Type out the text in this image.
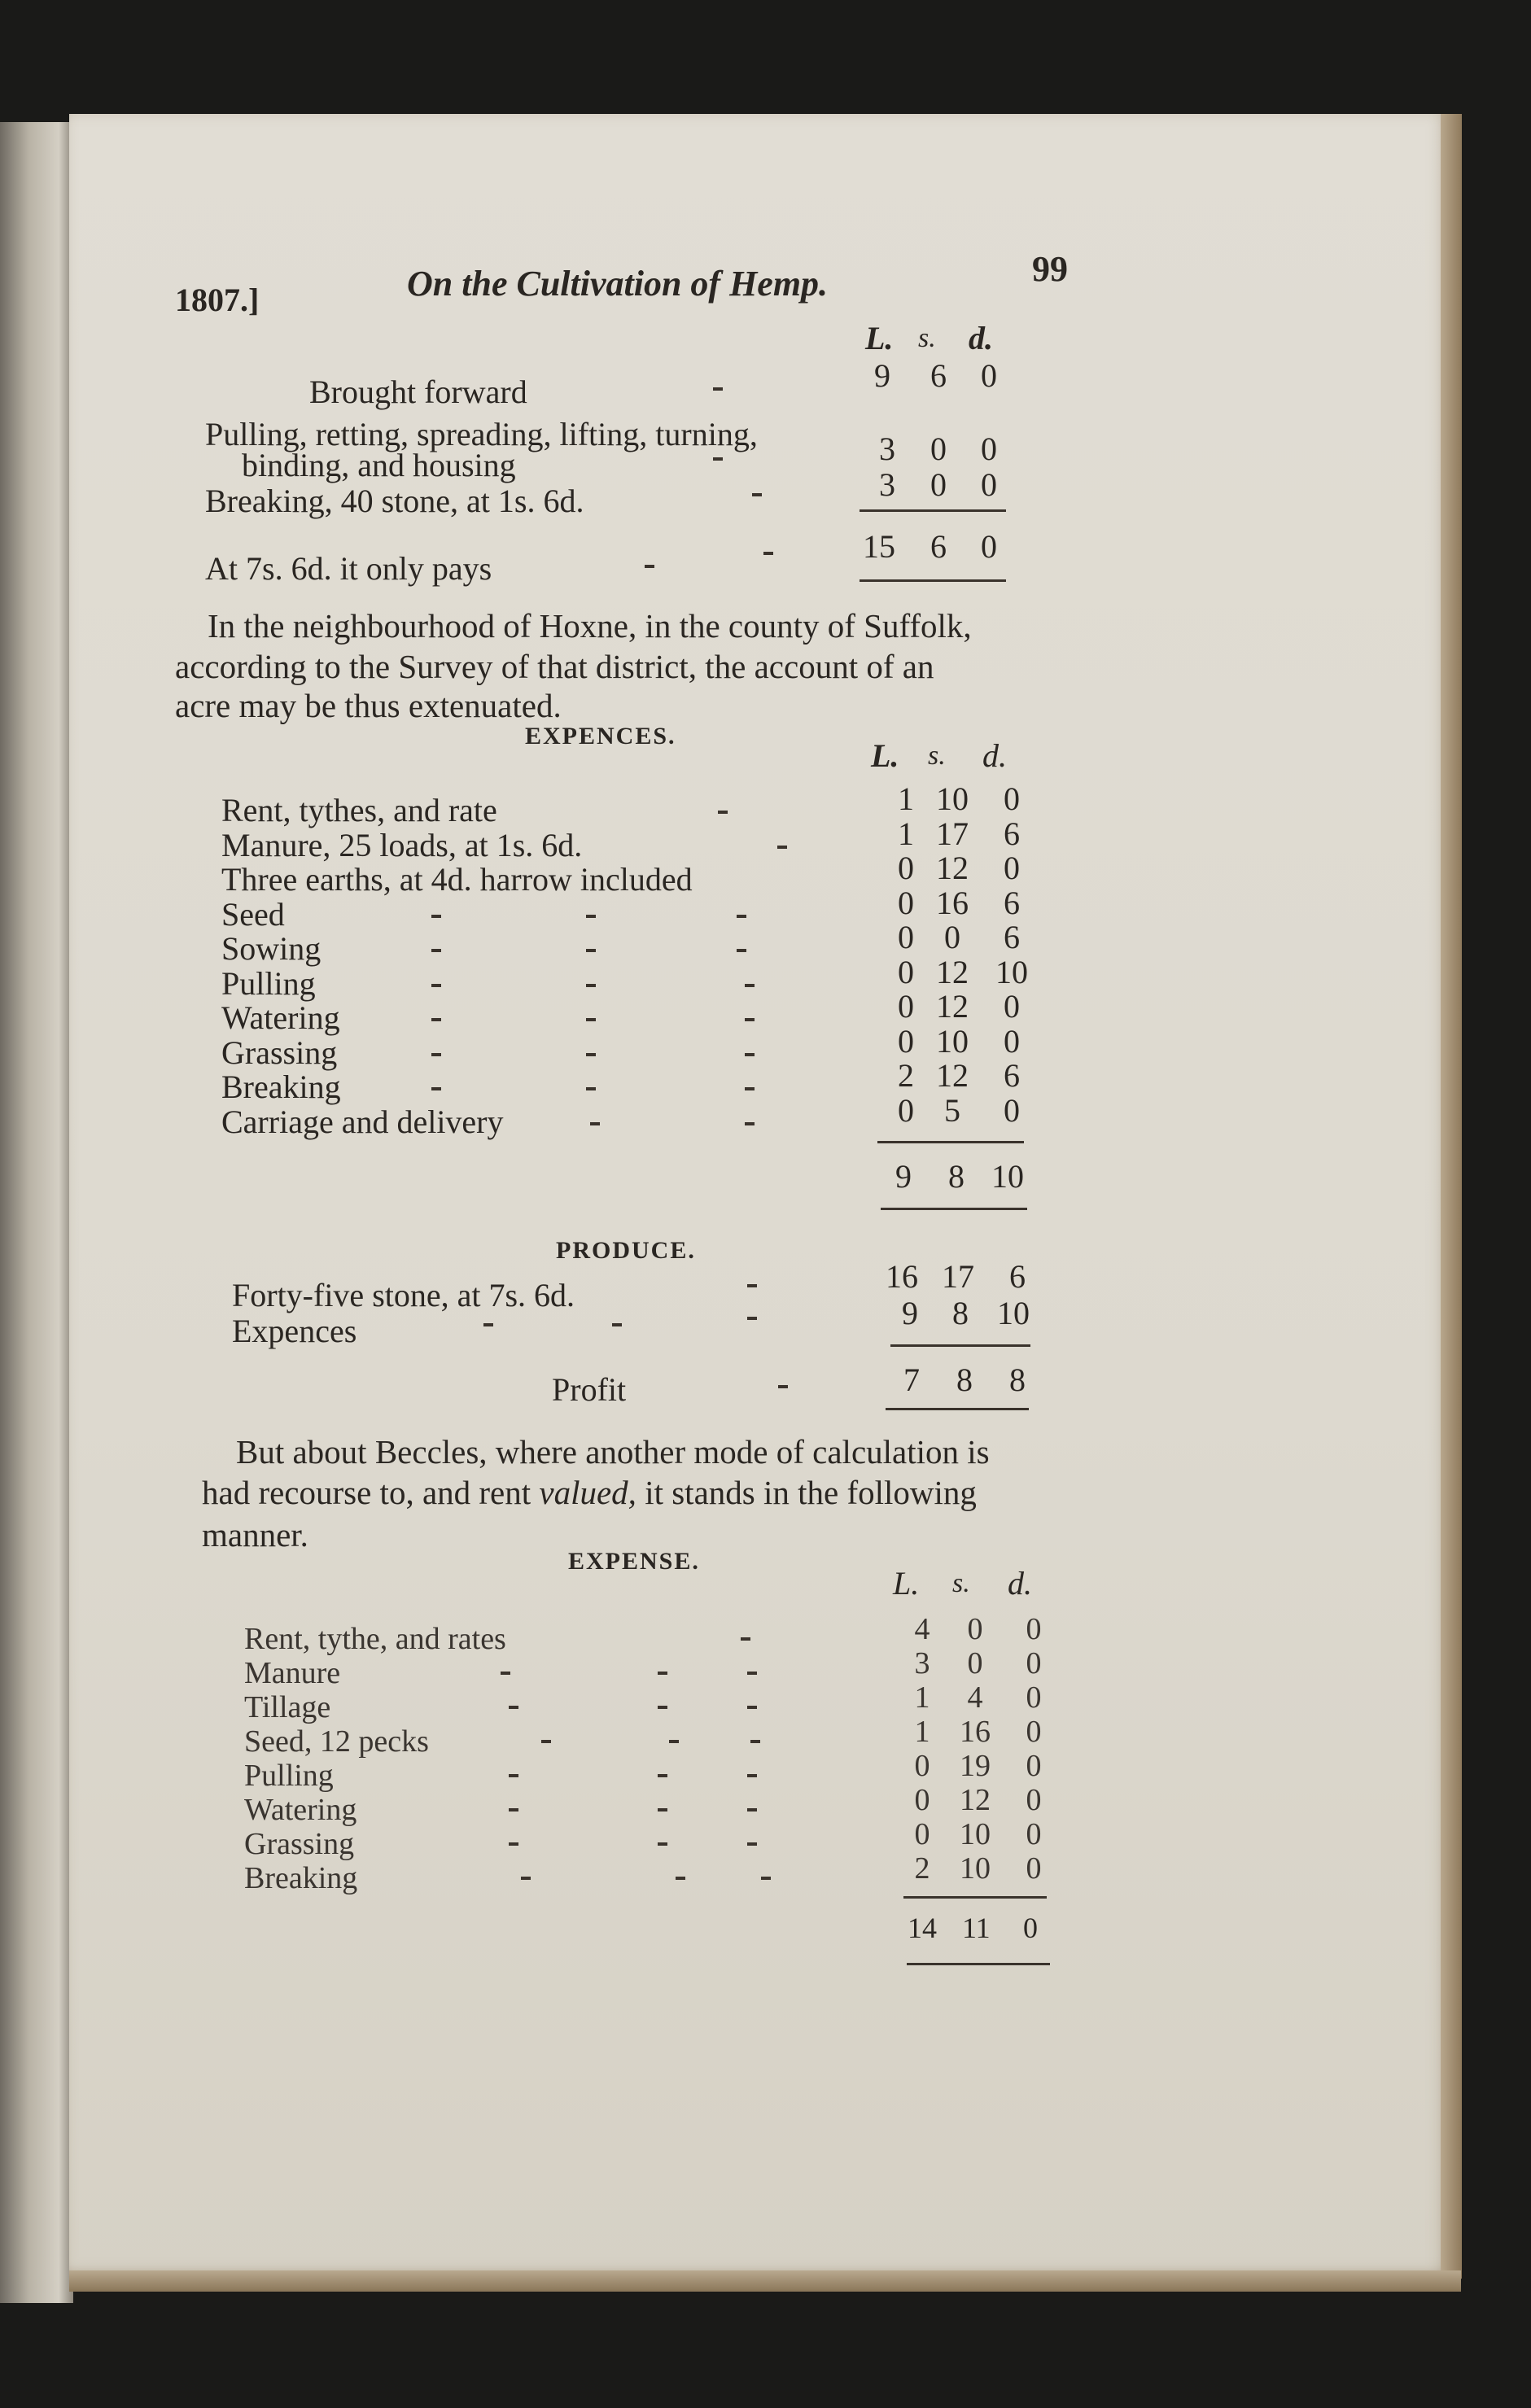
1807.]	On the Cultivation of Hemp.	99
L. s. d.
Brought forward	9 6 0
Pulling, retting, spreading, lifting, turning,
binding, and housing	3 0 0
Breaking, 40 stone, at 1s. 6d.	3 0 0
At 7s. 6d. it only pays
15 6 0
In the neighbourhood of Hoxne, in the county of Suffolk,
according to the Survey of that district, the account of an
acre may be thus extenuated.
EXPENCES.
L. s. d.
Rent, tythes, and rate	1 10	0
Manure, 25 loads, at 1s. 6d.	1 17	6
Three earths, at 4d. harrow included	0 12	0
Seed	0 16	6
Sowing	0 0	6
Pulling	0 12 10
Watering	0 12	0
Grassing	0 10	0
Breaking	2 12	6
Carriage and delivery	0 5	0
9 8 10
PRODUCE.
Forty-five stone, at 7s. 6d.
16 17 6
Expences	9 8 10
Profit	7 8 8
But about Beccles, where another mode of calculation is
had recourse to, and rent valued, it stands in the following
manner.
EXPENSE.
L. s. d.
Rent, tythe, and rates	4	0	0
Manure	3	0	0
Tillage	1	4	0
Seed, 12 pecks	1 16 0
Pulling	0 19 0
Watering	0 12 0
Grassing	0 10 0
Breaking	2 10 0
14 11 0
